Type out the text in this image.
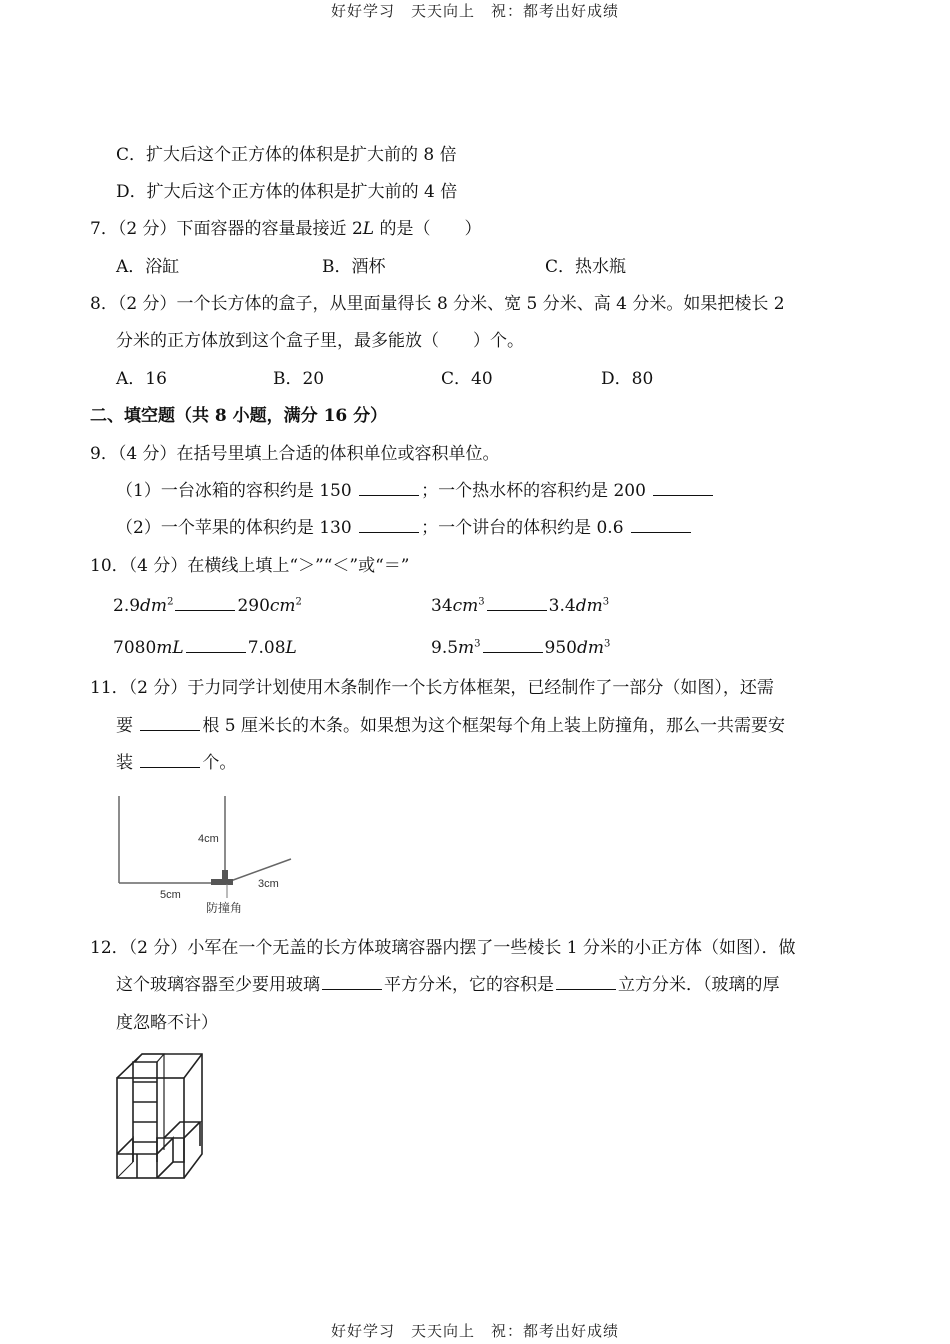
好好学习　天天向上　祝：都考出好成绩
好好学习　天天向上　祝：都考出好成绩
C．扩大后这个正方体的体积是扩大前的 8 倍
D．扩大后这个正方体的体积是扩大前的 4 倍
7．（2 分）下面容器的容量最接近 2L 的是（　　）
A．浴缸	B．酒杯	C．热水瓶
8．（2 分）一个长方体的盒子，从里面量得长 8 分米、宽 5 分米、高 4 分米。如果把棱长 2
分米的正方体放到这个盒子里，最多能放（　　）个。
A．16	B．20	C．40	D．80
二、填空题（共 8 小题，满分 16 分）
9．（4 分）在括号里填上合适的体积单位或容积单位。
（1）一台冰箱的容积约是 150	；一个热水杯的容积约是 200
（2）一个苹果的体积约是 130	；一个讲台的体积约是 0.6
10．（4 分）在横线上填上“＞”“＜”或“＝”
$2.9dm^2$	$290cm^2$	$34cm^3$	$3.4dm^3$
7080mL	7.08L	$9.5m^3$	$950dm^3$
11．（2 分）于力同学计划使用木条制作一个长方体框架，已经制作了一部分（如图），还需
要	根 5 厘米长的木条。如果想为这个框架每个角上装上防撞角，那么一共需要安
装	个。
4cm
5cm
3cm
防撞角
12．（2 分）小军在一个无盖的长方体玻璃容器内摆了一些棱长 1 分米的小正方体（如图）．做
这个玻璃容器至少要用玻璃	平方分米，它的容积是	立方分米．（玻璃的厚
度忽略不计）
